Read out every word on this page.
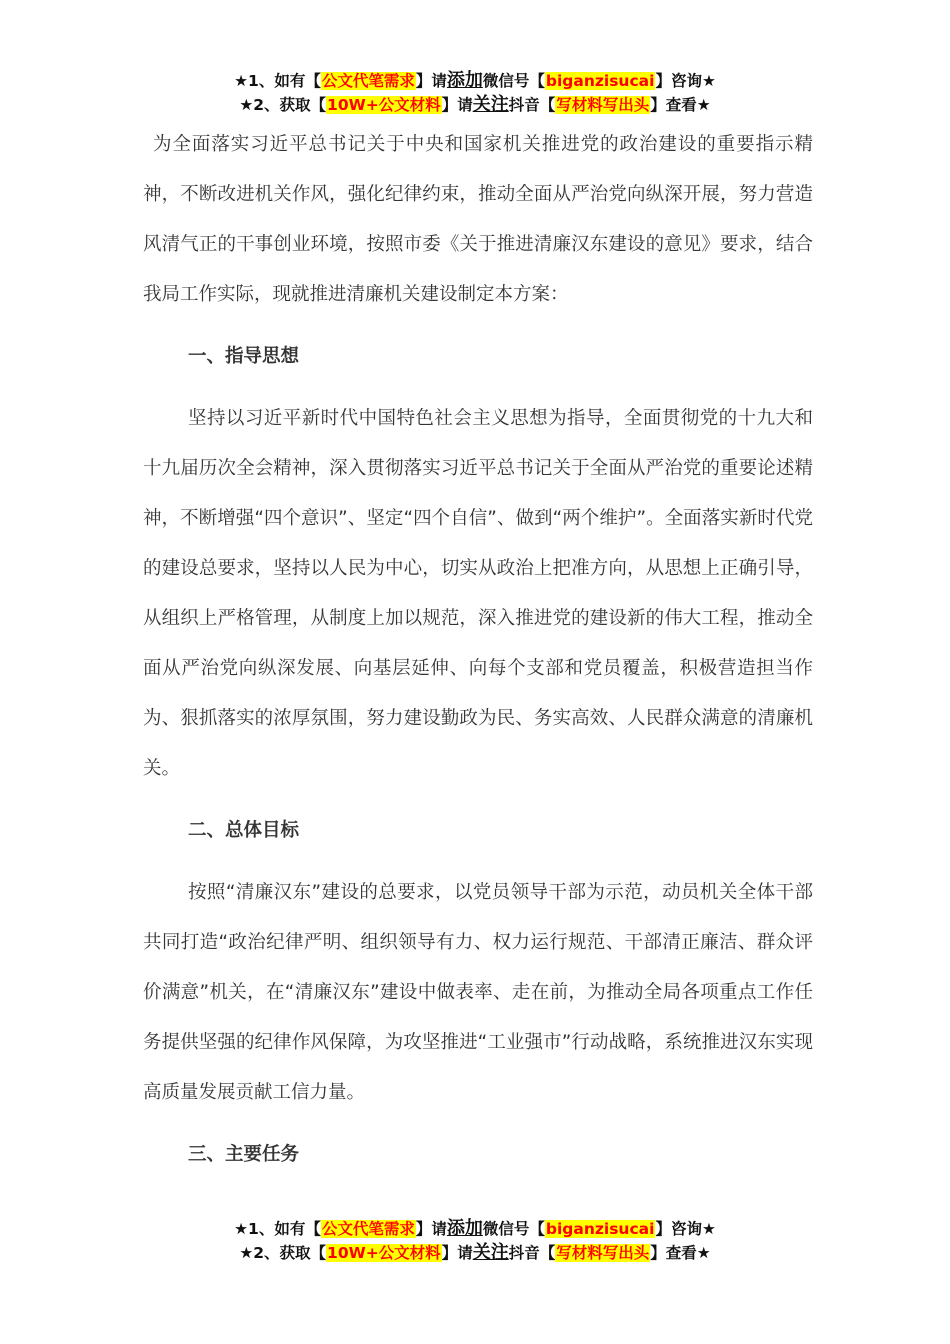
★1、如有【公文代笔需求】请添加微信号【biganzisucai】咨询★
★2、获取【10W+公文材料】请关注抖音【写材料写出头】查看★

为全面落实习近平总书记关于中央和国家机关推进党的政治建设的重要指示精神，不断改进机关作风，强化纪律约束，推动全面从严治党向纵深开展，努力营造风清气正的干事创业环境，按照市委《关于推进清廉汉东建设的意见》要求，结合我局工作实际，现就推进清廉机关建设制定本方案：

一、指导思想

坚持以习近平新时代中国特色社会主义思想为指导，全面贯彻党的十九大和十九届历次全会精神，深入贯彻落实习近平总书记关于全面从严治党的重要论述精神，不断增强“四个意识”、坚定“四个自信”、做到“两个维护”。全面落实新时代党的建设总要求，坚持以人民为中心，切实从政治上把准方向，从思想上正确引导，从组织上严格管理，从制度上加以规范，深入推进党的建设新的伟大工程，推动全面从严治党向纵深发展、向基层延伸、向每个支部和党员覆盖，积极营造担当作为、狠抓落实的浓厚氛围，努力建设勤政为民、务实高效、人民群众满意的清廉机关。

二、总体目标

按照“清廉汉东”建设的总要求，以党员领导干部为示范，动员机关全体干部共同打造“政治纪律严明、组织领导有力、权力运行规范、干部清正廉洁、群众评价满意”机关，在“清廉汉东”建设中做表率、走在前，为推动全局各项重点工作任务提供坚强的纪律作风保障，为攻坚推进“工业强市”行动战略，系统推进汉东实现高质量发展贡献工信力量。

三、主要任务

★1、如有【公文代笔需求】请添加微信号【biganzisucai】咨询★
★2、获取【10W+公文材料】请关注抖音【写材料写出头】查看★
